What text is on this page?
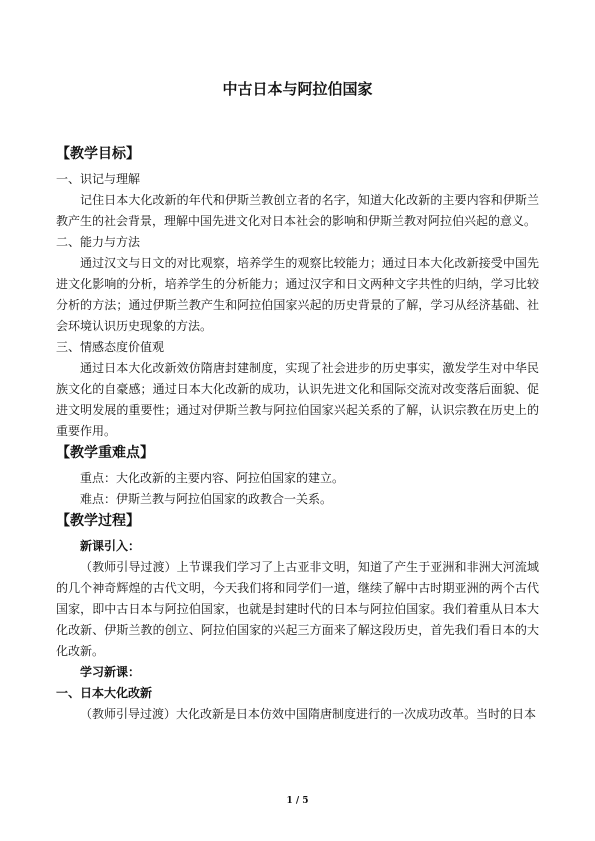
中古日本与阿拉伯国家

【教学目标】

一、识记与理解

记住日本大化改新的年代和伊斯兰教创立者的名字，知道大化改新的主要内容和伊斯兰教产生的社会背景，理解中国先进文化对日本社会的影响和伊斯兰教对阿拉伯兴起的意义。

二、能力与方法

通过汉文与日文的对比观察，培养学生的观察比较能力；通过日本大化改新接受中国先进文化影响的分析，培养学生的分析能力；通过汉字和日文两种文字共性的归纳，学习比较分析的方法；通过伊斯兰教产生和阿拉伯国家兴起的历史背景的了解，学习从经济基础、社会环境认识历史现象的方法。

三、情感态度价值观

通过日本大化改新效仿隋唐封建制度，实现了社会进步的历史事实，激发学生对中华民族文化的自豪感；通过日本大化改新的成功，认识先进文化和国际交流对改变落后面貌、促进文明发展的重要性；通过对伊斯兰教与阿拉伯国家兴起关系的了解，认识宗教在历史上的重要作用。

【教学重难点】

重点：大化改新的主要内容、阿拉伯国家的建立。

难点：伊斯兰教与阿拉伯国家的政教合一关系。

【教学过程】

新课引入：

（教师引导过渡）上节课我们学习了上古亚非文明，知道了产生于亚洲和非洲大河流域的几个神奇辉煌的古代文明，今天我们将和同学们一道，继续了解中古时期亚洲的两个古代国家，即中古日本与阿拉伯国家，也就是封建时代的日本与阿拉伯国家。我们着重从日本大化改新、伊斯兰教的创立、阿拉伯国家的兴起三方面来了解这段历史，首先我们看日本的大化改新。

学习新课：

一、日本大化改新

（教师引导过渡）大化改新是日本仿效中国隋唐制度进行的一次成功改革。当时的日本

1 / 5
